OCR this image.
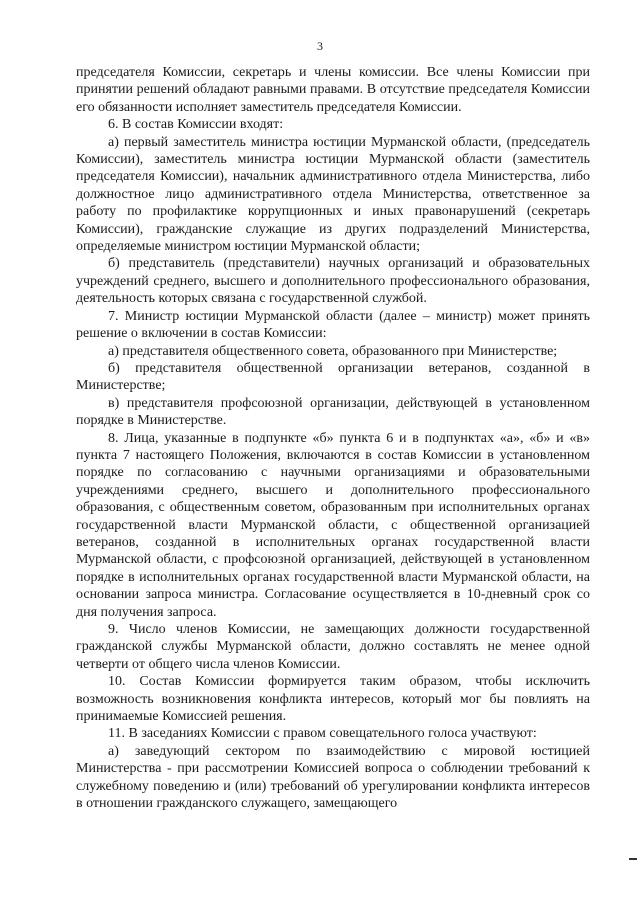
3

председателя Комиссии, секретарь и члены комиссии. Все члены Комиссии при принятии решений обладают равными правами. В отсутствие председателя Комиссии его обязанности исполняет заместитель председателя Комиссии.

6. В состав Комиссии входят:

а) первый заместитель министра юстиции Мурманской области, (председатель Комиссии), заместитель министра юстиции Мурманской области (заместитель председателя Комиссии), начальник административного отдела Министерства, либо должностное лицо административного отдела Министерства, ответственное за работу по профилактике коррупционных и иных правонарушений (секретарь Комиссии), гражданские служащие из других подразделений Министерства, определяемые министром юстиции Мурманской области;

б) представитель (представители) научных организаций и образовательных учреждений среднего, высшего и дополнительного профессионального образования, деятельность которых связана с государственной службой.

7. Министр юстиции Мурманской области (далее – министр) может принять решение о включении в состав Комиссии:

а) представителя общественного совета, образованного при Министерстве;

б) представителя общественной организации ветеранов, созданной в Министерстве;

в) представителя профсоюзной организации, действующей в установленном порядке в Министерстве.

8. Лица, указанные в подпункте «б» пункта 6 и в подпунктах «а», «б» и «в» пункта 7 настоящего Положения, включаются в состав Комиссии в установленном порядке по согласованию с научными организациями и образовательными учреждениями среднего, высшего и дополнительного профессионального образования, с общественным советом, образованным при исполнительных органах государственной власти Мурманской области, с общественной организацией ветеранов, созданной в исполнительных органах государственной власти Мурманской области, с профсоюзной организацией, действующей в установленном порядке в исполнительных органах государственной власти Мурманской области, на основании запроса министра. Согласование осуществляется в 10-дневный срок со дня получения запроса.

9. Число членов Комиссии, не замещающих должности государственной гражданской службы Мурманской области, должно составлять не менее одной четверти от общего числа членов Комиссии.

10. Состав Комиссии формируется таким образом, чтобы исключить возможность возникновения конфликта интересов, который мог бы повлиять на принимаемые Комиссией решения.

11. В заседаниях Комиссии с правом совещательного голоса участвуют:

а) заведующий сектором по взаимодействию с мировой юстицией Министерства - при рассмотрении Комиссией вопроса о соблюдении требований к служебному поведению и (или) требований об урегулировании конфликта интересов в отношении гражданского служащего, замещающего
